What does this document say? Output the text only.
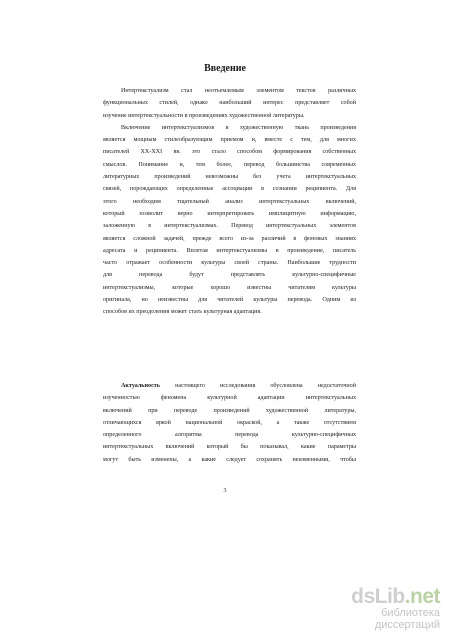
Введение
Интертекстуализм стал неотъемлемым элементом текстов различных
функциональных стилей, однако наибольший интерес представляет собой
изучение интертекстуальности в произведениях художественной литературы.
Включение интертекстуализмов в художественную ткань произведения
является мощным стилеобразующим приемом и, вместе с тем, для многих
писателей XX-XXI вв. это стало способом формирования собственных
смыслов. Понимание и, тем более, перевод большинства современных
литературных произведений невозможны без учета интертекстуальных
связей, порождающих определенные ассоциации в сознании реципиента. Для
этого необходим тщательный анализ интертекстуальных включений,
который позволит верно интерпретировать имплицитную информацию,
заложенную в интертекстуализмах. Перевод интертекстуальных элементов
является сложной задачей, прежде всего из-за различий в фоновых знаниях
адресата и реципиента. Вплетая интертекстуализмы в произведение, писатель
часто отражает особенности культуры своей страны. Наибольшие трудности
для перевода будут представлять культурно-специфичные
интертекстуализмы, которые хорошо известны читателям культуры
оригинала, но неизвестны для читателей культуры перевода. Одним из
способов их преодоления может стать культурная адаптация.
Актуальность настоящего исследования обусловлена недостаточной
изученностью феномена культурной адаптации интертекстуальных
включений при переводе произведений художественной литературы,
отличающихся яркой национальной окраской, а также отсутствием
определенного алгоритма перевода культурно-специфичных
интертекстуальных включений который бы показывал, какие параметры
могут быть изменены, а какие следует сохранять неизменными, чтобы
3
dsLib.net
библиотека диссертаций
